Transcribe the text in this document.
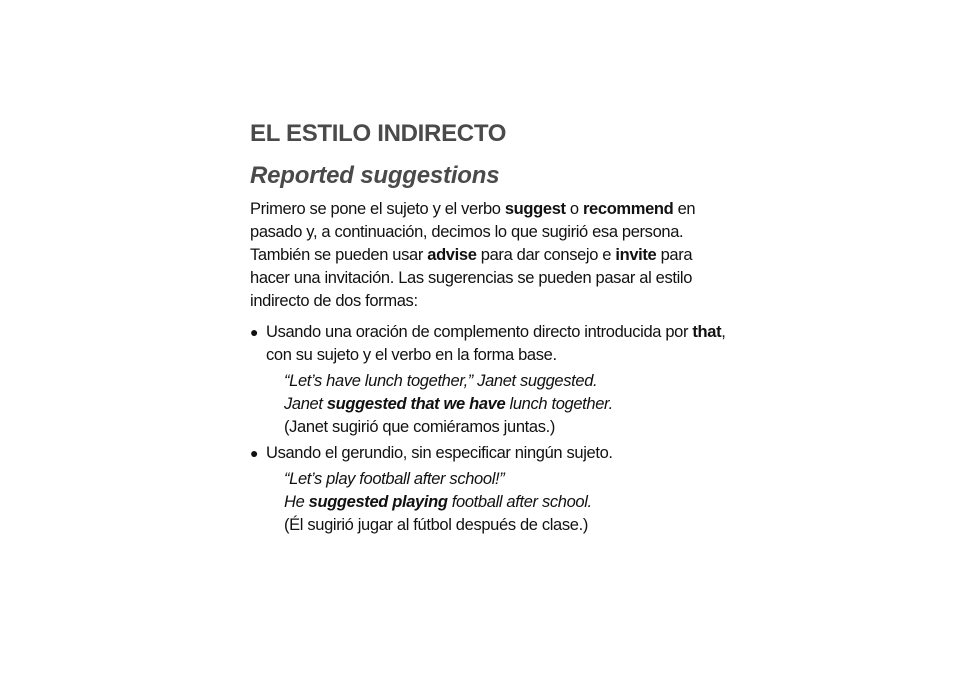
EL ESTILO INDIRECTO
Reported suggestions

Primero se pone el sujeto y el verbo suggest o recommend en pasado y, a continuación, decimos lo que sugirió esa persona. También se pueden usar advise para dar consejo e invite para hacer una invitación. Las sugerencias se pueden pasar al estilo indirecto de dos formas:

● Usando una oración de complemento directo introducida por that, con su sujeto y el verbo en la forma base.
“Let’s have lunch together,” Janet suggested.
Janet suggested that we have lunch together.
(Janet sugirió que comiéramos juntas.)
● Usando el gerundio, sin especificar ningún sujeto.
“Let’s play football after school!”
He suggested playing football after school.
(Él sugirió jugar al fútbol después de clase.)
